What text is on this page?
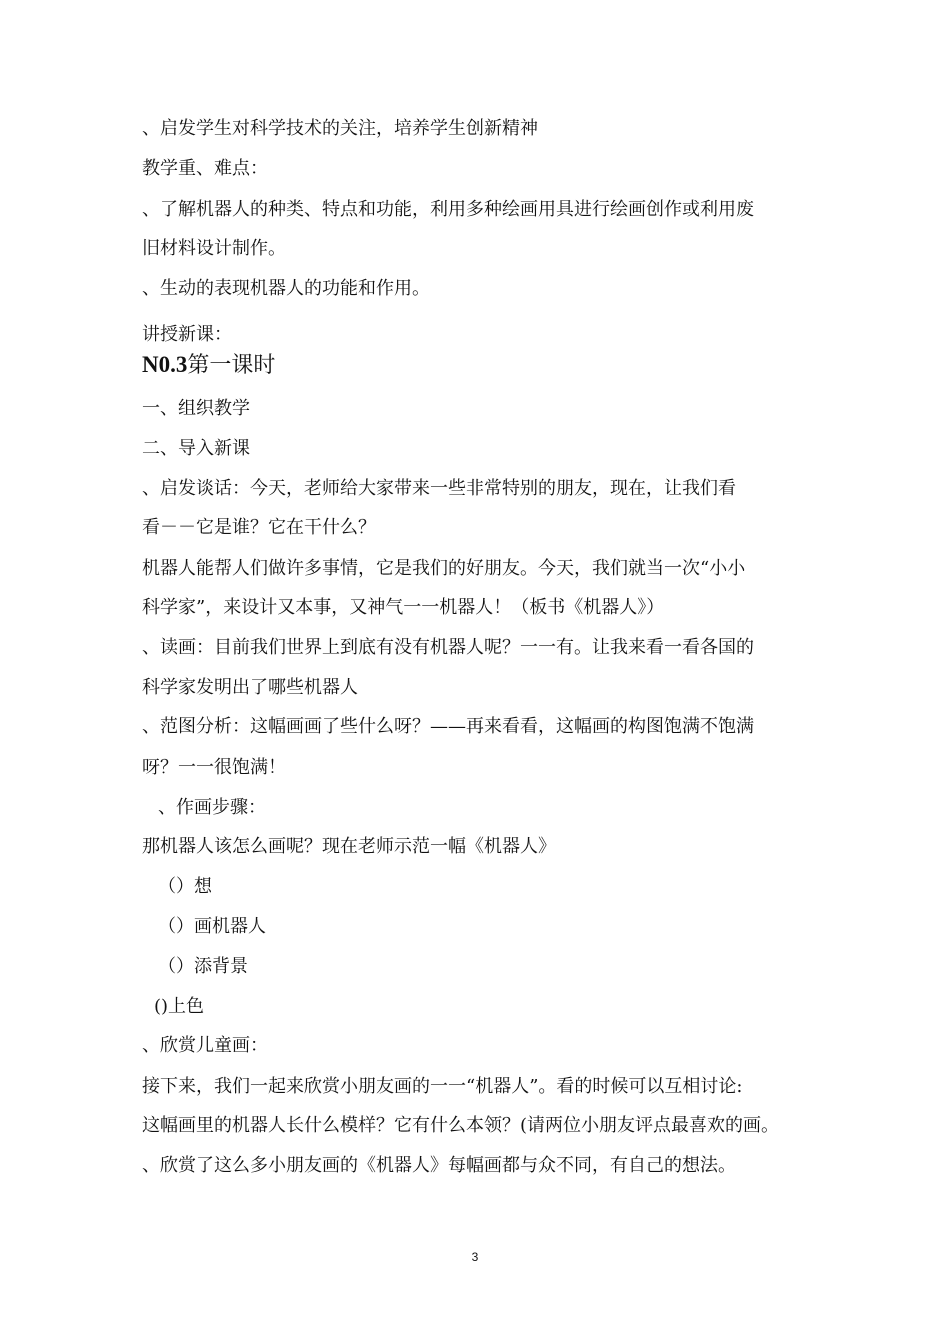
、启发学生对科学技术的关注，培养学生创新精神

教学重、难点：

、了解机器人的种类、特点和功能，利用多种绘画用具进行绘画创作或利用废

旧材料设计制作。

、生动的表现机器人的功能和作用。

讲授新课：

N0.3第一课时

一、组织教学

二、导入新课

、启发谈话：今天，老师给大家带来一些非常特别的朋友，现在，让我们看

看－－它是谁？它在干什么？

机器人能帮人们做许多事情，它是我们的好朋友。今天，我们就当一次“小小

科学家”，来设计又本事，又神气一一机器人！（板书《机器人》）

、读画：目前我们世界上到底有没有机器人呢？一一有。让我来看一看各国的

科学家发明出了哪些机器人

、范图分析：这幅画画了些什么呀？——再来看看，这幅画的构图饱满不饱满

呀？一一很饱满！

、作画步骤：

那机器人该怎么画呢？现在老师示范一幅《机器人》

（）想

（）画机器人

（）添背景

()上色

、欣赏儿童画：

接下来，我们一起来欣赏小朋友画的一一“机器人”。看的时候可以互相讨论:

这幅画里的机器人长什么模样？它有什么本领？(请两位小朋友评点最喜欢的画。

、欣赏了这么多小朋友画的《机器人》每幅画都与众不同，有自己的想法。

3
